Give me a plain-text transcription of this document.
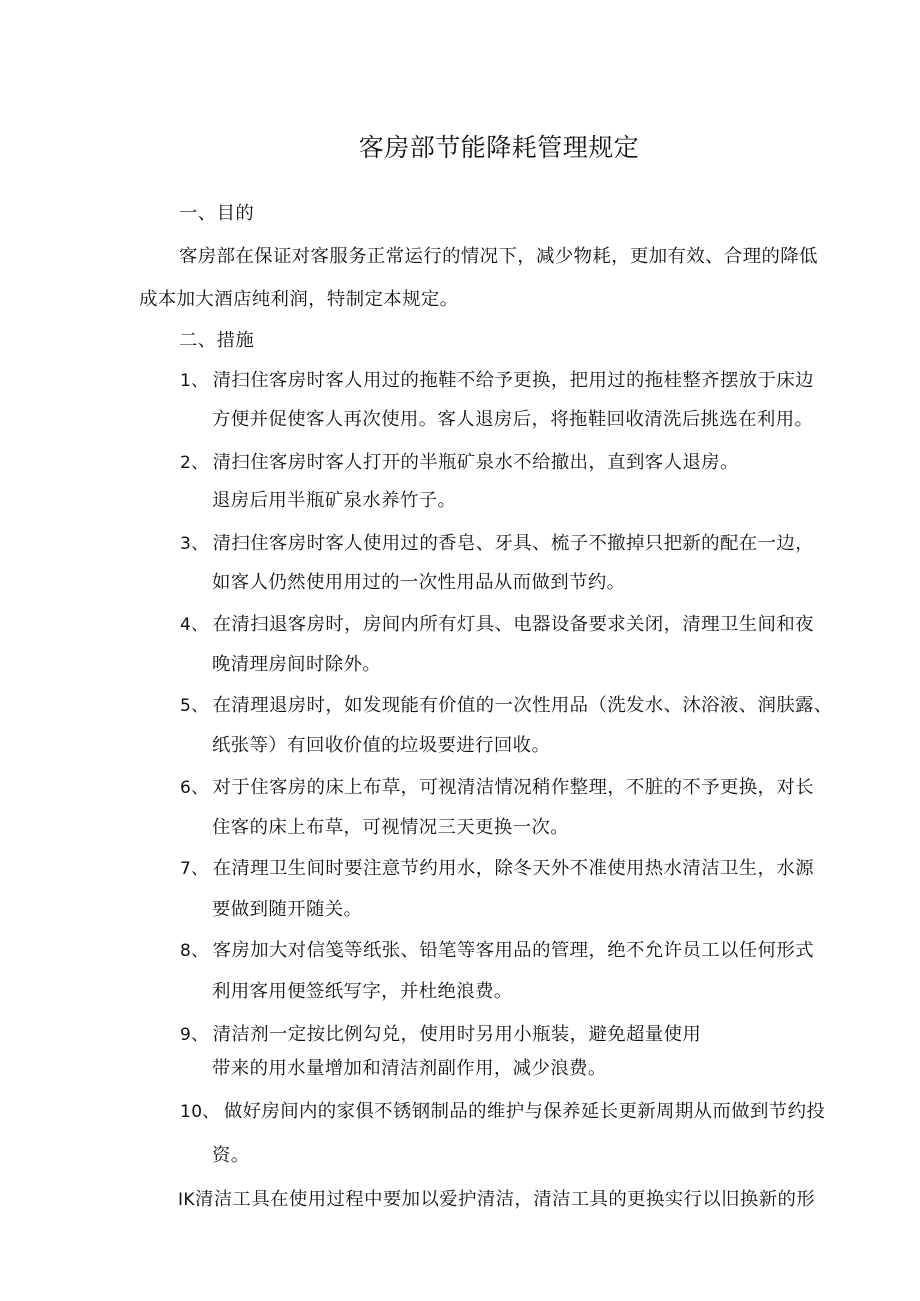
客房部节能降耗管理规定
一、目的
客房部在保证对客服务正常运行的情况下，减少物耗，更加有效、合理的降低
成本加大酒店纯利润，特制定本规定。
二、措施
1、 清扫住客房时客人用过的拖鞋不给予更换，把用过的拖桂整齐摆放于床边
方便并促使客人再次使用。客人退房后，将拖鞋回收清洗后挑选在利用。
2、 清扫住客房时客人打开的半瓶矿泉水不给撤出，直到客人退房。
退房后用半瓶矿泉水养竹子。
3、 清扫住客房时客人使用过的香皂、牙具、梳子不撤掉只把新的配在一边，
如客人仍然使用用过的一次性用品从而做到节约。
4、 在清扫退客房时，房间内所有灯具、电器设备要求关闭，清理卫生间和夜
晚清理房间时除外。
5、 在清理退房时，如发现能有价值的一次性用品（洗发水、沐浴液、润肤露、
纸张等）有回收价值的垃圾要进行回收。
6、 对于住客房的床上布草，可视清洁情况稍作整理，不脏的不予更换，对长
住客的床上布草，可视情况三天更换一次。
7、 在清理卫生间时要注意节约用水，除冬天外不准使用热水清洁卫生，水源
要做到随开随关。
8、 客房加大对信笺等纸张、铅笔等客用品的管理，绝不允许员工以任何形式
利用客用便签纸写字，并杜绝浪费。
9、 清洁剂一定按比例勾兑，使用时另用小瓶装，避免超量使用
带来的用水量增加和清洁剂副作用，减少浪费。
10、 做好房间内的家俱不锈钢制品的维护与保养延长更新周期从而做到节约投
资。
IK清洁工具在使用过程中要加以爱护清洁，清洁工具的更换实行以旧换新的形
